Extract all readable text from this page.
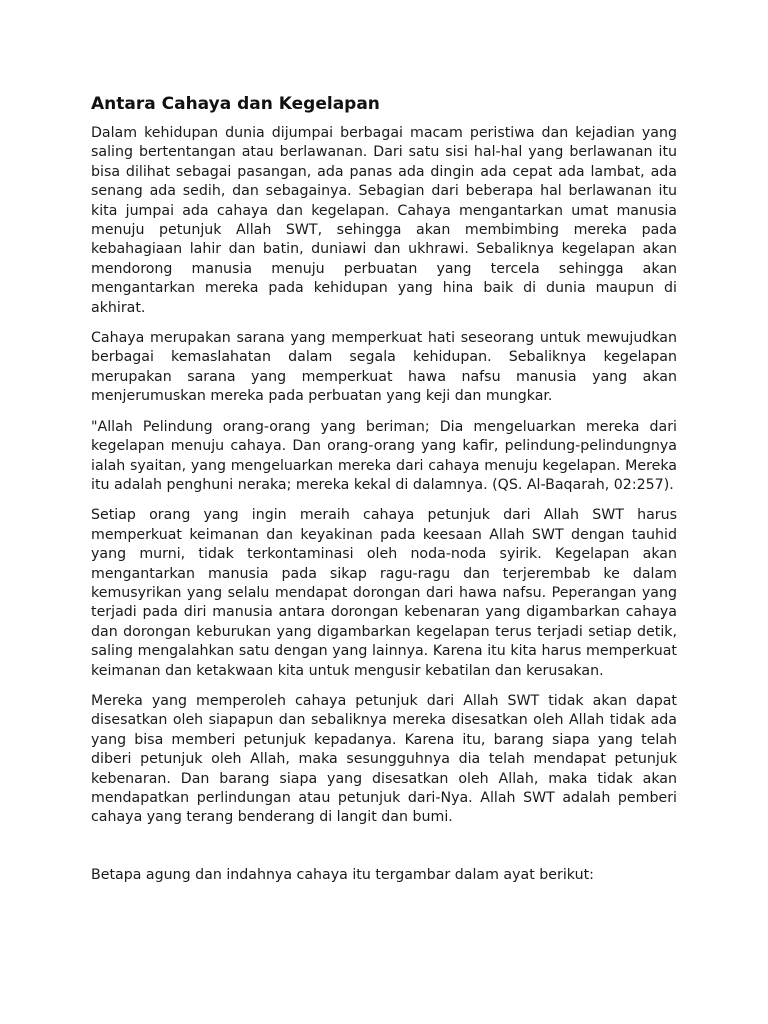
Antara Cahaya dan Kegelapan

Dalam kehidupan dunia dijumpai berbagai macam peristiwa dan kejadian yang saling bertentangan atau berlawanan. Dari satu sisi hal-hal yang berlawanan itu bisa dilihat sebagai pasangan, ada panas ada dingin ada cepat ada lambat, ada senang ada sedih, dan sebagainya. Sebagian dari beberapa hal berlawanan itu kita jumpai ada cahaya dan kegelapan. Cahaya mengantarkan umat manusia menuju petunjuk Allah SWT, sehingga akan membimbing mereka pada kebahagiaan lahir dan batin, duniawi dan ukhrawi. Sebaliknya kegelapan akan mendorong manusia menuju perbuatan yang tercela sehingga akan mengantarkan mereka pada kehidupan yang hina baik di dunia maupun di akhirat.

Cahaya merupakan sarana yang memperkuat hati seseorang untuk mewujudkan berbagai kemaslahatan dalam segala kehidupan. Sebaliknya kegelapan merupakan sarana yang memperkuat hawa nafsu manusia yang akan menjerumuskan mereka pada perbuatan yang keji dan mungkar.

"Allah Pelindung orang-orang yang beriman; Dia mengeluarkan mereka dari kegelapan menuju cahaya. Dan orang-orang yang kafir, pelindung-pelindungnya ialah syaitan, yang mengeluarkan mereka dari cahaya menuju kegelapan. Mereka itu adalah penghuni neraka; mereka kekal di dalamnya. (QS. Al-Baqarah, 02:257).

Setiap orang yang ingin meraih cahaya petunjuk dari Allah SWT harus memperkuat keimanan dan keyakinan pada keesaan Allah SWT dengan tauhid yang murni, tidak terkontaminasi oleh noda-noda syirik. Kegelapan akan mengantarkan manusia pada sikap ragu-ragu dan terjerembab ke dalam kemusyrikan yang selalu mendapat dorongan dari hawa nafsu. Peperangan yang terjadi pada diri manusia antara dorongan kebenaran yang digambarkan cahaya dan dorongan keburukan yang digambarkan kegelapan terus terjadi setiap detik, saling mengalahkan satu dengan yang lainnya. Karena itu kita harus memperkuat keimanan dan ketakwaan kita untuk mengusir kebatilan dan kerusakan.

Mereka yang memperoleh cahaya petunjuk dari Allah SWT tidak akan dapat disesatkan oleh siapapun dan sebaliknya mereka disesatkan oleh Allah tidak ada yang bisa memberi petunjuk kepadanya. Karena itu, barang siapa yang telah diberi petunjuk oleh Allah, maka sesungguhnya dia telah mendapat petunjuk kebenaran. Dan barang siapa yang disesatkan oleh Allah, maka tidak akan mendapatkan perlindungan atau petunjuk dari-Nya. Allah SWT adalah pemberi cahaya yang terang benderang di langit dan bumi.

Betapa agung dan indahnya cahaya itu tergambar dalam ayat berikut:
